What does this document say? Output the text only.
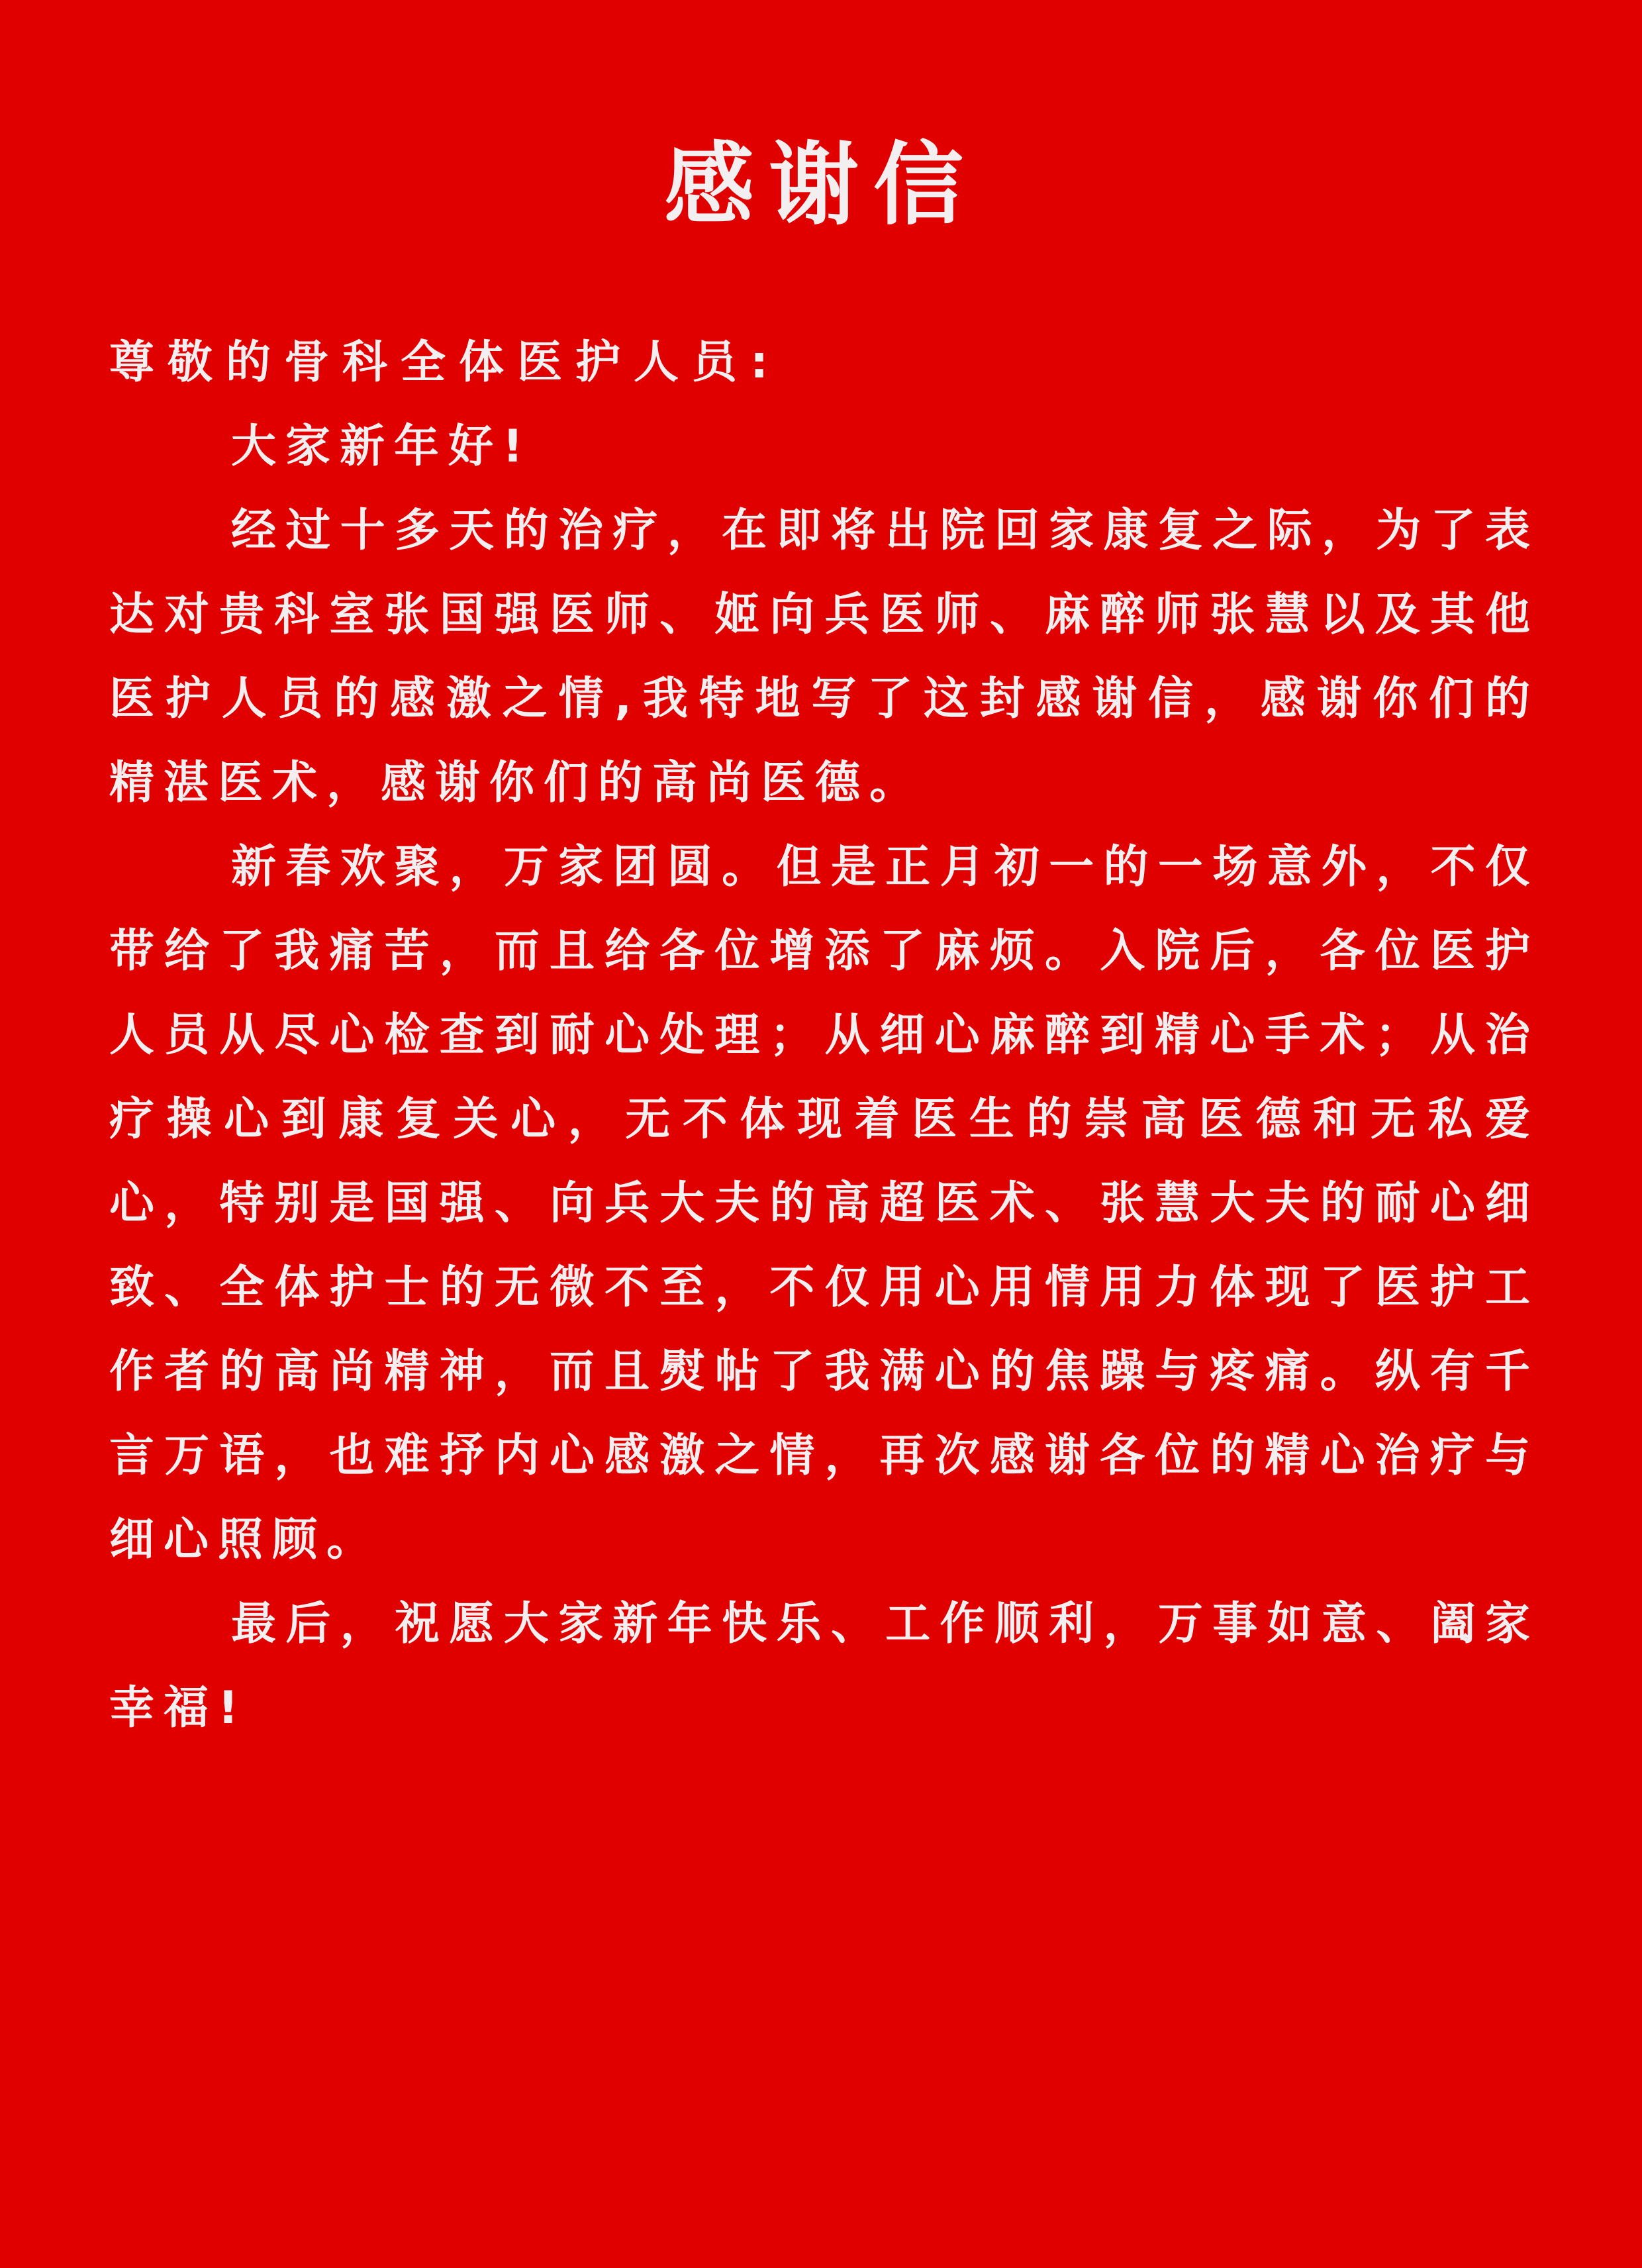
感谢信

尊敬的骨科全体医护人员:

大家新年好!

经过十多天的治疗，在即将出院回家康复之际，为了表达对贵科室张国强医师、姬向兵医师、麻醉师张慧以及其他医护人员的感激之情,我特地写了这封感谢信，感谢你们的精湛医术，感谢你们的高尚医德。

新春欢聚，万家团圆。但是正月初一的一场意外，不仅带给了我痛苦，而且给各位增添了麻烦。入院后，各位医护人员从尽心检查到耐心处理；从细心麻醉到精心手术；从治疗操心到康复关心，无不体现着医生的崇高医德和无私爱心，特别是国强、向兵大夫的高超医术、张慧大夫的耐心细致、全体护士的无微不至，不仅用心用情用力体现了医护工作者的高尚精神，而且熨帖了我满心的焦躁与疼痛。纵有千言万语，也难抒内心感激之情，再次感谢各位的精心治疗与细心照顾。

最后，祝愿大家新年快乐、工作顺利，万事如意、阖家幸福!
